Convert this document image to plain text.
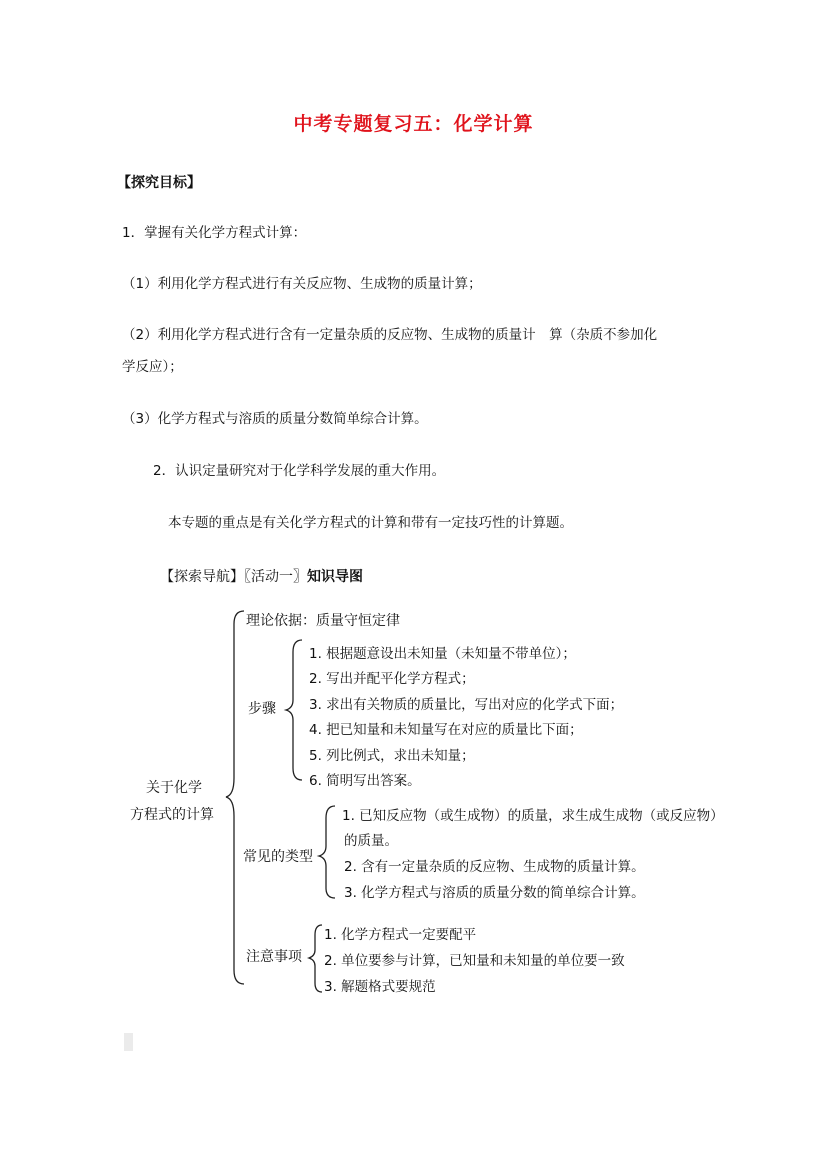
中考专题复习五：化学计算
【探究目标】
1．掌握有关化学方程式计算：
（1）利用化学方程式进行有关反应物、生成物的质量计算；
（2）利用化学方程式进行含有一定量杂质的反应物、生成物的质量计　算（杂质不参加化
学反应）；
（3）化学方程式与溶质的质量分数简单综合计算。
2．认识定量研究对于化学科学发展的重大作用。
本专题的重点是有关化学方程式的计算和带有一定技巧性的计算题。
【探索导航】〖活动一〗知识导图
关于化学
方程式的计算
理论依据：质量守恒定律
步骤
1. 根据题意设出未知量（未知量不带单位）；
2. 写出并配平化学方程式；
3. 求出有关物质的质量比，写出对应的化学式下面；
4. 把已知量和未知量写在对应的质量比下面；
5. 列比例式，求出未知量；
6. 简明写出答案。
常见的类型
1. 已知反应物（或生成物）的质量，求生成生成物（或反应物）
的质量。
2. 含有一定量杂质的反应物、生成物的质量计算。
3. 化学方程式与溶质的质量分数的简单综合计算。
注意事项
1. 化学方程式一定要配平
2. 单位要参与计算，已知量和未知量的单位要一致
3. 解题格式要规范
